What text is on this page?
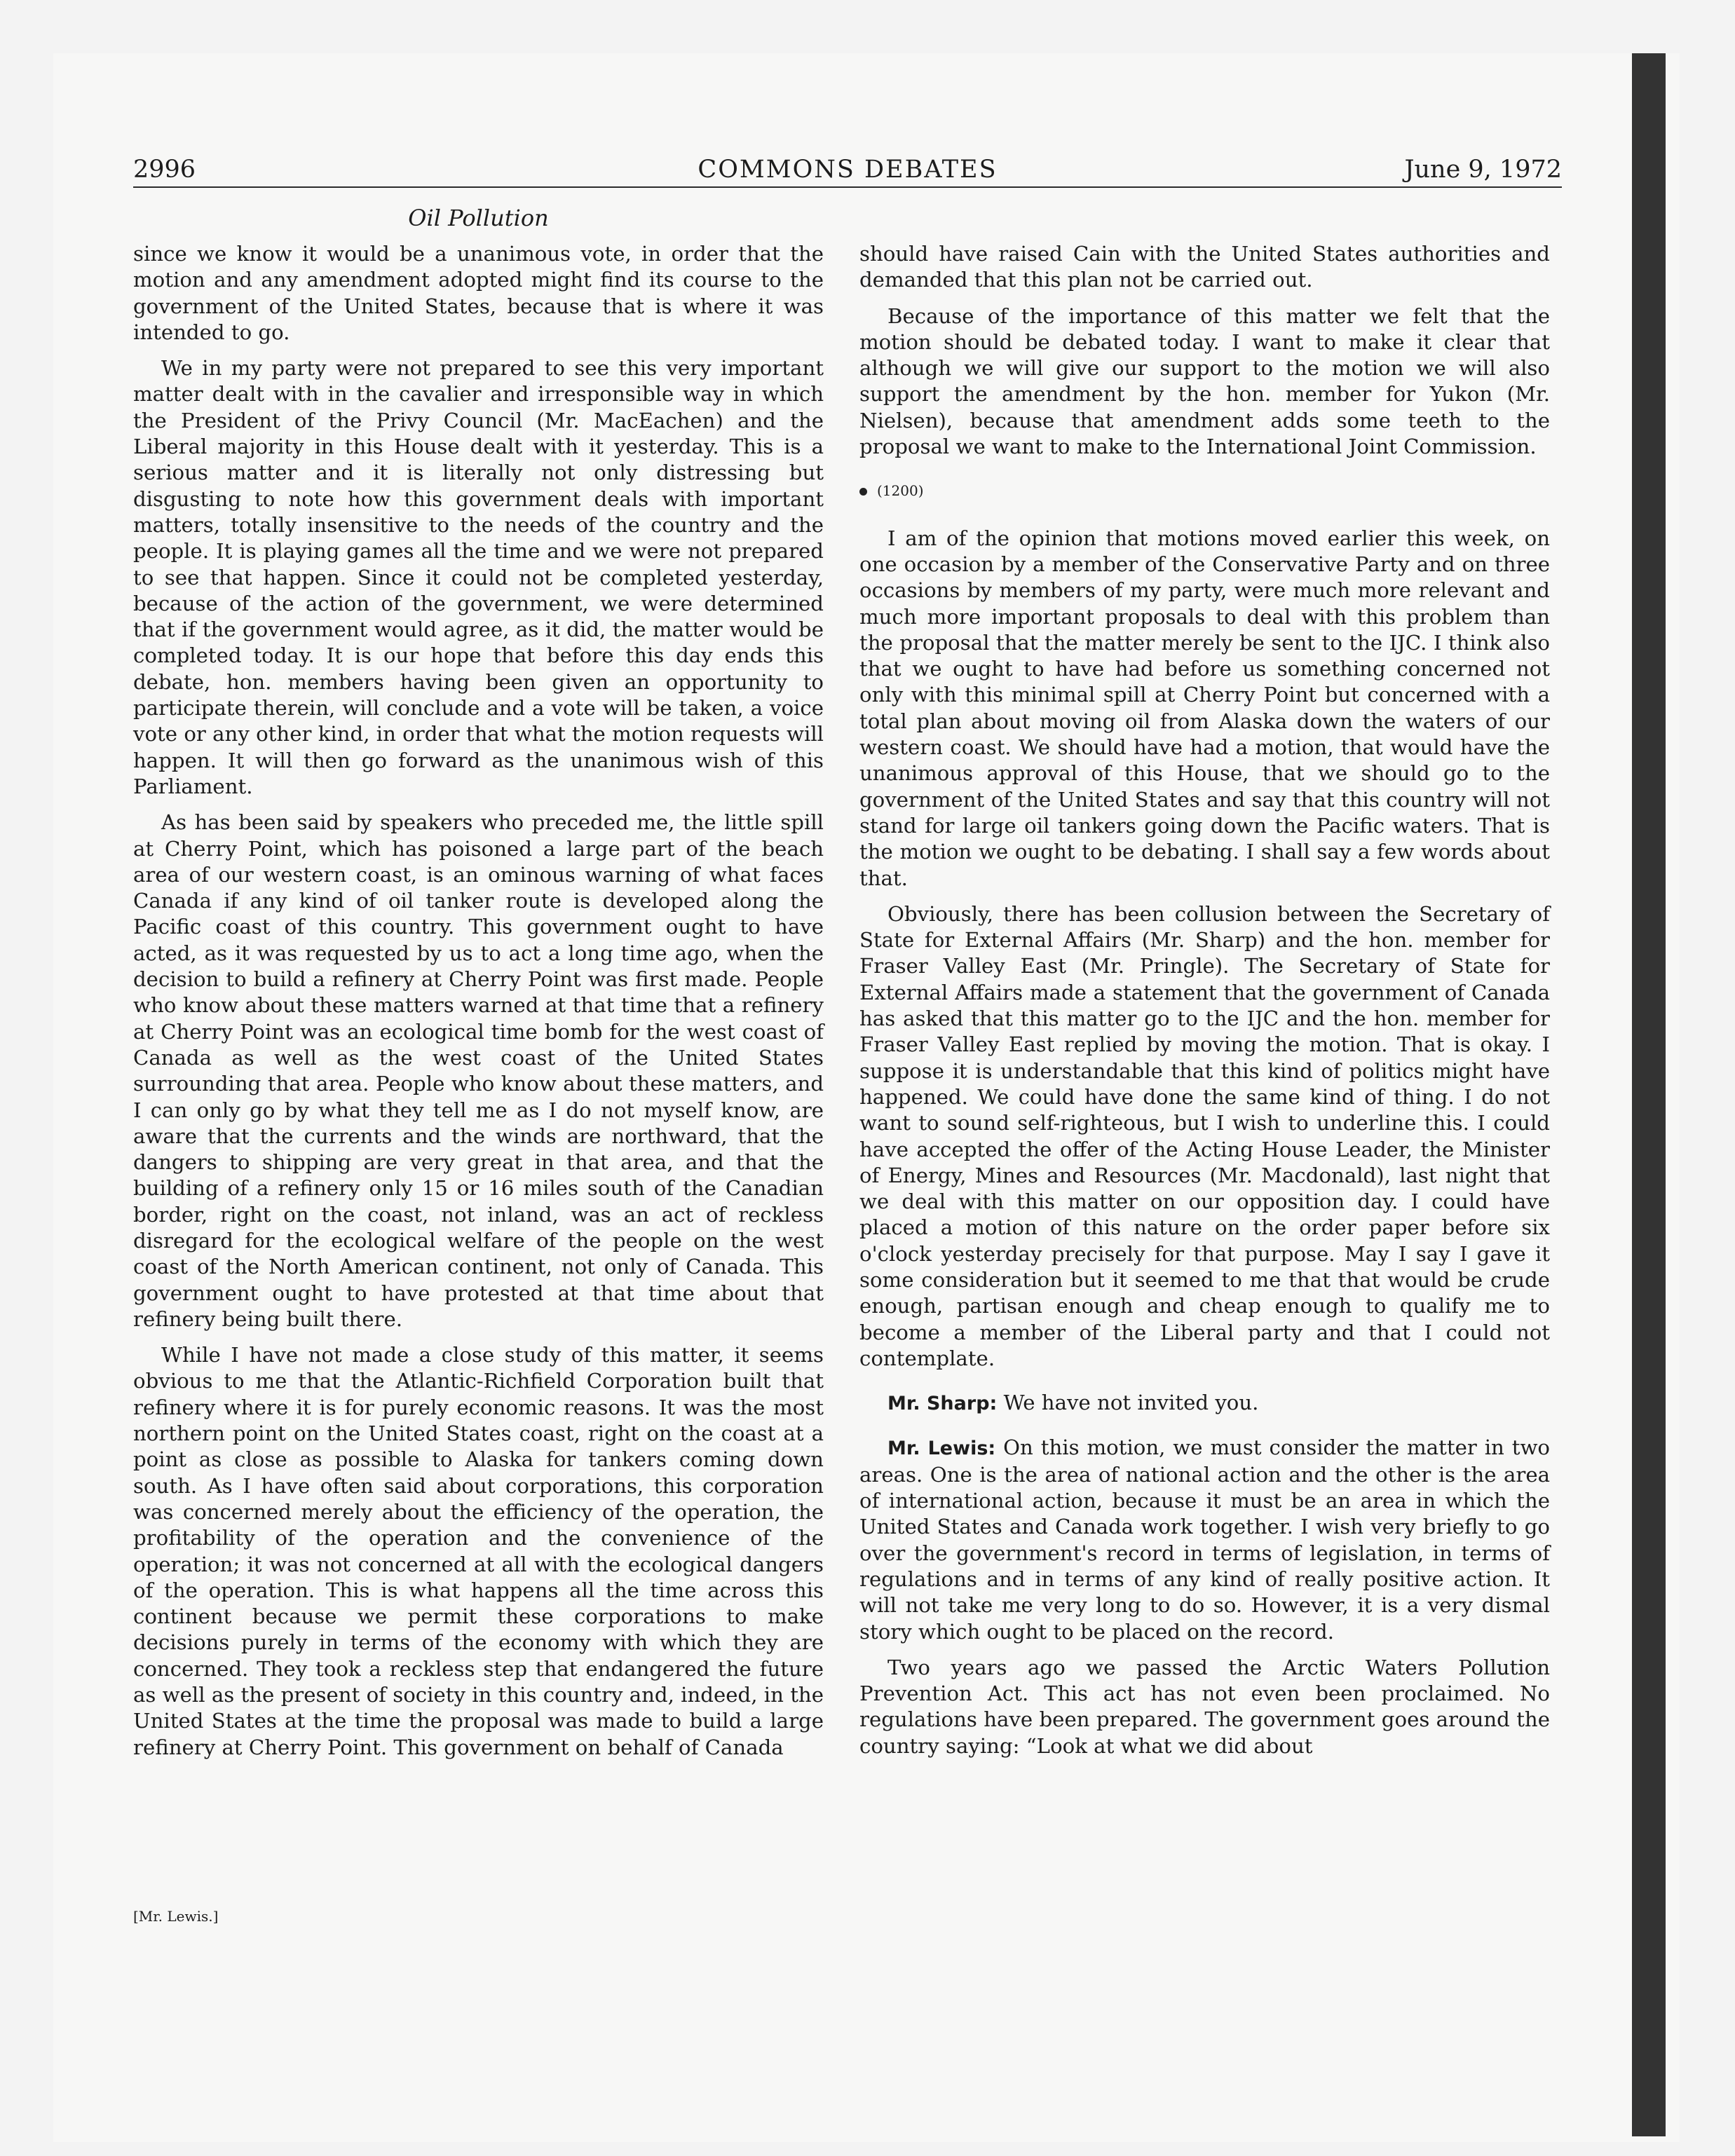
2996	COMMONS DEBATES	June 9, 1972
Oil Pollution

since we know it would be a unanimous vote, in order that the motion and any amendment adopted might find its course to the government of the United States, because that is where it was intended to go.

We in my party were not prepared to see this very important matter dealt with in the cavalier and irresponsible way in which the President of the Privy Council (Mr. MacEachen) and the Liberal majority in this House dealt with it yesterday. This is a serious matter and it is literally not only distressing but disgusting to note how this government deals with important matters, totally insensitive to the needs of the country and the people. It is playing games all the time and we were not prepared to see that happen. Since it could not be completed yesterday, because of the action of the government, we were determined that if the government would agree, as it did, the matter would be completed today. It is our hope that before this day ends this debate, hon. members having been given an opportunity to participate therein, will conclude and a vote will be taken, a voice vote or any other kind, in order that what the motion requests will happen. It will then go forward as the unanimous wish of this Parliament.

As has been said by speakers who preceded me, the little spill at Cherry Point, which has poisoned a large part of the beach area of our western coast, is an ominous warning of what faces Canada if any kind of oil tanker route is developed along the Pacific coast of this country. This government ought to have acted, as it was requested by us to act a long time ago, when the decision to build a refinery at Cherry Point was first made. People who know about these matters warned at that time that a refinery at Cherry Point was an ecological time bomb for the west coast of Canada as well as the west coast of the United States surrounding that area. People who know about these matters, and I can only go by what they tell me as I do not myself know, are aware that the currents and the winds are northward, that the dangers to shipping are very great in that area, and that the building of a refinery only 15 or 16 miles south of the Canadian border, right on the coast, not inland, was an act of reckless disregard for the ecological welfare of the people on the west coast of the North American continent, not only of Canada. This government ought to have protested at that time about that refinery being built there.

While I have not made a close study of this matter, it seems obvious to me that the Atlantic-Richfield Corporation built that refinery where it is for purely economic reasons. It was the most northern point on the United States coast, right on the coast at a point as close as possible to Alaska for tankers coming down south. As I have often said about corporations, this corporation was concerned merely about the efficiency of the operation, the profitability of the operation and the convenience of the operation; it was not concerned at all with the ecological dangers of the operation. This is what happens all the time across this continent because we permit these corporations to make decisions purely in terms of the economy with which they are concerned. They took a reckless step that endangered the future as well as the present of society in this country and, indeed, in the United States at the time the proposal was made to build a large refinery at Cherry Point. This government on behalf of Canada

[Mr. Lewis.]

should have raised Cain with the United States authorities and demanded that this plan not be carried out.

Because of the importance of this matter we felt that the motion should be debated today. I want to make it clear that although we will give our support to the motion we will also support the amendment by the hon. member for Yukon (Mr. Nielsen), because that amendment adds some teeth to the proposal we want to make to the International Joint Commission.

(1200)

I am of the opinion that motions moved earlier this week, on one occasion by a member of the Conservative Party and on three occasions by members of my party, were much more relevant and much more important proposals to deal with this problem than the proposal that the matter merely be sent to the IJC. I think also that we ought to have had before us something concerned not only with this minimal spill at Cherry Point but concerned with a total plan about moving oil from Alaska down the waters of our western coast. We should have had a motion, that would have the unanimous approval of this House, that we should go to the government of the United States and say that this country will not stand for large oil tankers going down the Pacific waters. That is the motion we ought to be debating. I shall say a few words about that.

Obviously, there has been collusion between the Secretary of State for External Affairs (Mr. Sharp) and the hon. member for Fraser Valley East (Mr. Pringle). The Secretary of State for External Affairs made a statement that the government of Canada has asked that this matter go to the IJC and the hon. member for Fraser Valley East replied by moving the motion. That is okay. I suppose it is understandable that this kind of politics might have happened. We could have done the same kind of thing. I do not want to sound self-righteous, but I wish to underline this. I could have accepted the offer of the Acting House Leader, the Minister of Energy, Mines and Resources (Mr. Macdonald), last night that we deal with this matter on our opposition day. I could have placed a motion of this nature on the order paper before six o'clock yesterday precisely for that purpose. May I say I gave it some consideration but it seemed to me that that would be crude enough, partisan enough and cheap enough to qualify me to become a member of the Liberal party and that I could not contemplate.

Mr. Sharp: We have not invited you.

Mr. Lewis: On this motion, we must consider the matter in two areas. One is the area of national action and the other is the area of international action, because it must be an area in which the United States and Canada work together. I wish very briefly to go over the government's record in terms of legislation, in terms of regulations and in terms of any kind of really positive action. It will not take me very long to do so. However, it is a very dismal story which ought to be placed on the record.

Two years ago we passed the Arctic Waters Pollution Prevention Act. This act has not even been proclaimed. No regulations have been prepared. The government goes around the country saying: “Look at what we did about
